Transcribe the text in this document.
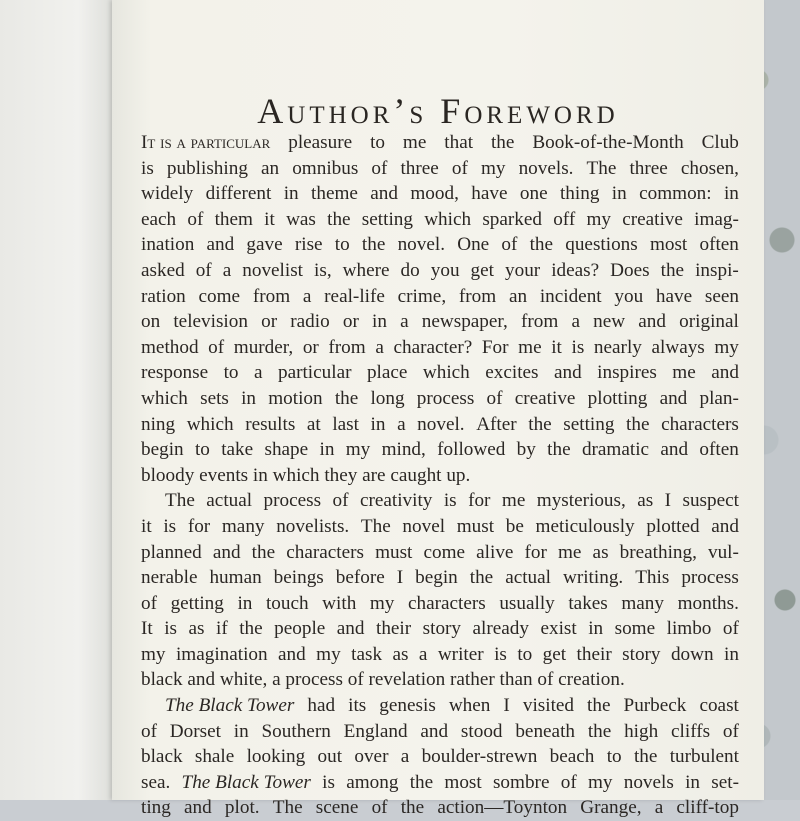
Author’s Foreword
It is a particular pleasure to me that the Book-of-the-Month Club
is publishing an omnibus of three of my novels. The three chosen,
widely different in theme and mood, have one thing in common: in
each of them it was the setting which sparked off my creative imag-
ination and gave rise to the novel. One of the questions most often
asked of a novelist is, where do you get your ideas? Does the inspi-
ration come from a real-life crime, from an incident you have seen
on television or radio or in a newspaper, from a new and original
method of murder, or from a character? For me it is nearly always my
response to a particular place which excites and inspires me and
which sets in motion the long process of creative plotting and plan-
ning which results at last in a novel. After the setting the characters
begin to take shape in my mind, followed by the dramatic and often
bloody events in which they are caught up.
The actual process of creativity is for me mysterious, as I suspect
it is for many novelists. The novel must be meticulously plotted and
planned and the characters must come alive for me as breathing, vul-
nerable human beings before I begin the actual writing. This process
of getting in touch with my characters usually takes many months.
It is as if the people and their story already exist in some limbo of
my imagination and my task as a writer is to get their story down in
black and white, a process of revelation rather than of creation.
The Black Tower had its genesis when I visited the Purbeck coast
of Dorset in Southern England and stood beneath the high cliffs of
black shale looking out over a boulder-strewn beach to the turbulent
sea. The Black Tower is among the most sombre of my novels in set-
ting and plot. The scene of the action—Toynton Grange, a cliff-top
